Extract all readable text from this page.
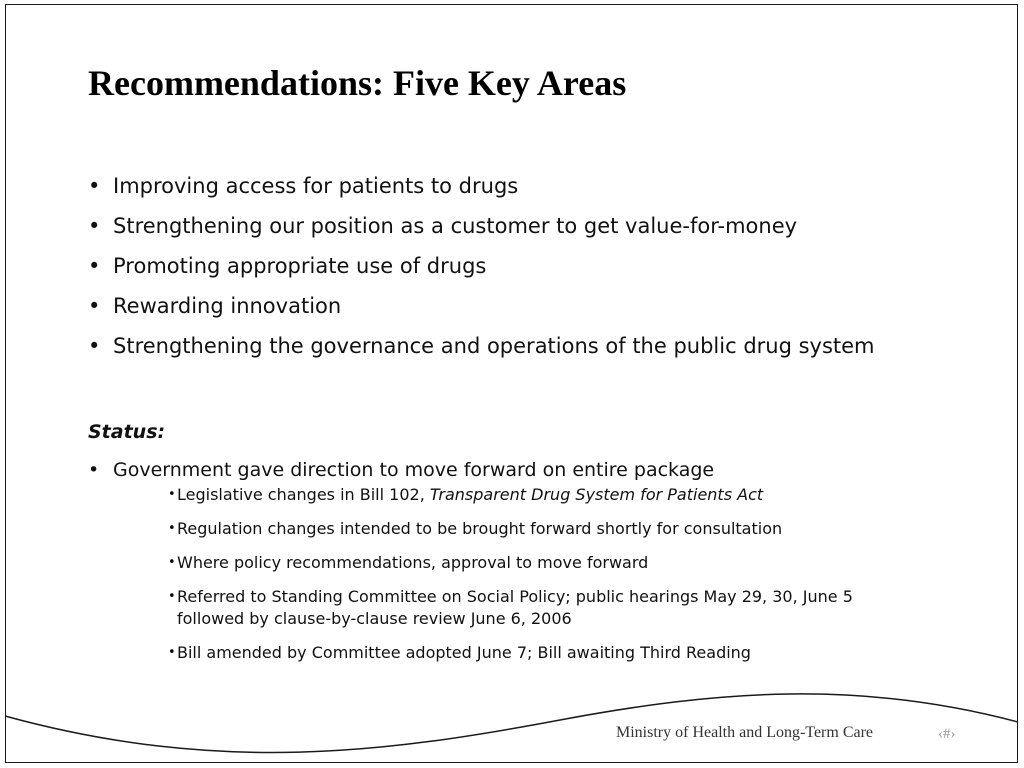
Recommendations: Five Key Areas
• Improving access for patients to drugs
• Strengthening our position as a customer to get value-for-money
• Promoting appropriate use of drugs
• Rewarding innovation
• Strengthening the governance and operations of the public drug system

Status:

• Government gave direction to move forward on entire package
• Legislative changes in Bill 102, Transparent Drug System for Patients Act
• Regulation changes intended to be brought forward shortly for consultation
• Where policy recommendations, approval to move forward
• Referred to Standing Committee on Social Policy; public hearings May 29, 30, June 5
followed by clause-by-clause review June 6, 2006
• Bill amended by Committee adopted June 7; Bill awaiting Third Reading
Ministry of Health and Long-Term Care	‹#›
